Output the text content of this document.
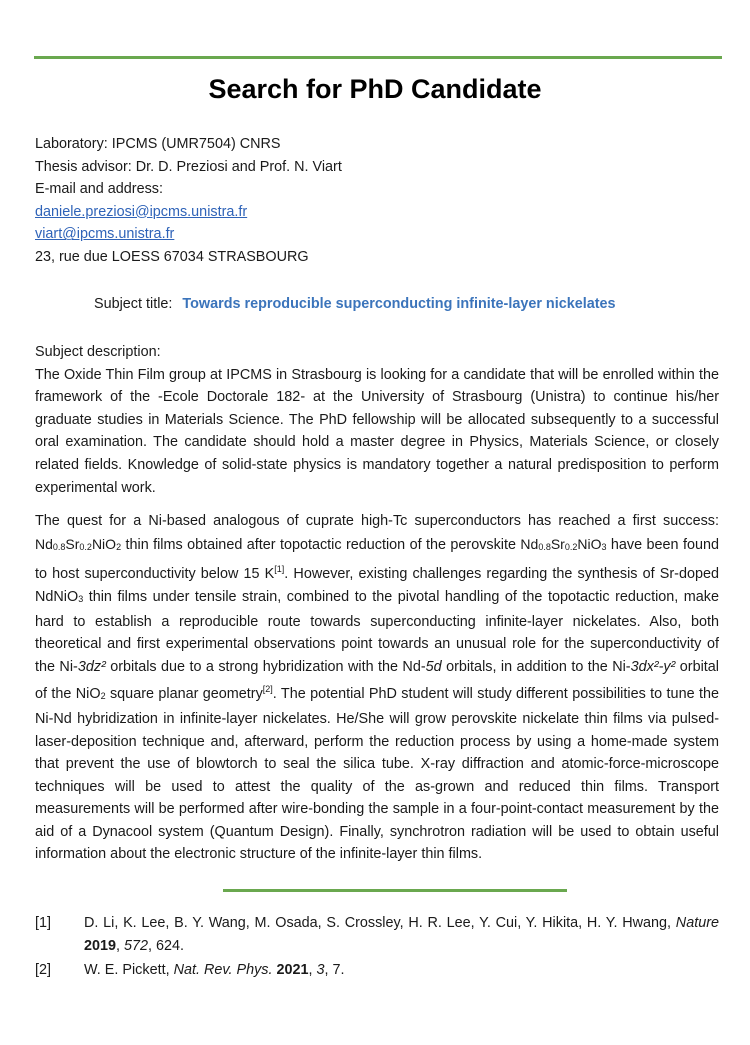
Search for PhD Candidate
Laboratory: IPCMS (UMR7504) CNRS
Thesis advisor: Dr. D. Preziosi and Prof. N. Viart
E-mail and address:
daniele.preziosi@ipcms.unistra.fr
viart@ipcms.unistra.fr
23, rue due LOESS 67034 STRASBOURG
Subject title: Towards reproducible superconducting infinite-layer nickelates

Subject description:
The Oxide Thin Film group at IPCMS in Strasbourg is looking for a candidate that will be enrolled within the framework of the -Ecole Doctorale 182- at the University of Strasbourg (Unistra) to continue his/her graduate studies in Materials Science. The PhD fellowship will be allocated subsequently to a successful oral examination. The candidate should hold a master degree in Physics, Materials Science, or closely related fields. Knowledge of solid-state physics is mandatory together a natural predisposition to perform experimental work.

The quest for a Ni-based analogous of cuprate high-Tc superconductors has reached a first success: $Nd_{0.8}Sr_{0.2}NiO_2$ thin films obtained after topotactic reduction of the perovskite $Nd_{0.8}Sr_{0.2}NiO_3$ have been found to host superconductivity below 15 K[1]. However, existing challenges regarding the synthesis of Sr-doped NdNiO$_3$ thin films under tensile strain, combined to the pivotal handling of the topotactic reduction, make hard to establish a reproducible route towards superconducting infinite-layer nickelates. Also, both theoretical and first experimental observations point towards an unusual role for the superconductivity of the Ni-3dz² orbitals due to a strong hybridization with the Nd-5d orbitals, in addition to the Ni-3dx²-y² orbital of the NiO$_2$ square planar geometry[2]. The potential PhD student will study different possibilities to tune the Ni-Nd hybridization in infinite-layer nickelates. He/She will grow perovskite nickelate thin films via pulsed-laser-deposition technique and, afterward, perform the reduction process by using a home-made system that prevent the use of blowtorch to seal the silica tube. X-ray diffraction and atomic-force-microscope techniques will be used to attest the quality of the as-grown and reduced thin films. Transport measurements will be performed after wire-bonding the sample in a four-point-contact measurement by the aid of a Dynacool system (Quantum Design). Finally, synchrotron radiation will be used to obtain useful information about the electronic structure of the infinite-layer thin films.

[1]	D. Li, K. Lee, B. Y. Wang, M. Osada, S. Crossley, H. R. Lee, Y. Cui, Y. Hikita, H. Y. Hwang, Nature 2019, 572, 624.
[2]	W. E. Pickett, Nat. Rev. Phys. 2021, 3, 7.
